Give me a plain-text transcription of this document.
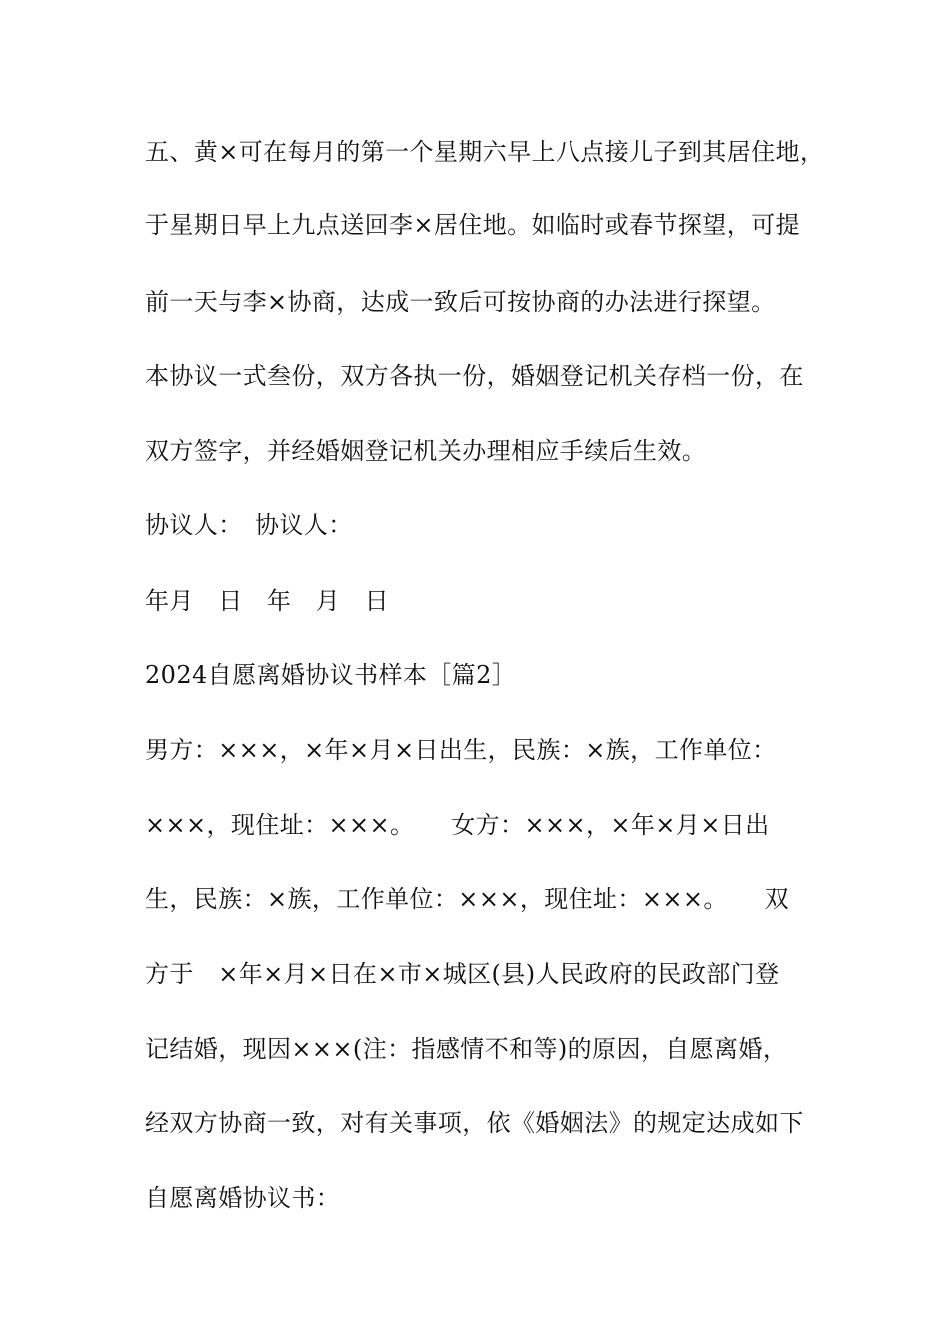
五、黄×可在每月的第一个星期六早上八点接儿子到其居住地，
于星期日早上九点送回李×居住地。如临时或春节探望，可提
前一天与李×协商，达成一致后可按协商的办法进行探望。
本协议一式叁份，双方各执一份，婚姻登记机关存档一份，在
双方签字，并经婚姻登记机关办理相应手续后生效。
协议人：　协议人：
年月　日　年　月　日
2024自愿离婚协议书样本［篇2］
男方：×××，×年×月×日出生，民族：×族，工作单位：
×××，现住址：×××。　　女方：×××，×年×月×日出
生，民族：×族，工作单位：×××，现住址：×××。　　双
方于　×年×月×日在×市×城区(县)人民政府的民政部门登
记结婚，现因×××(注：指感情不和等)的原因，自愿离婚，
经双方协商一致，对有关事项，依《婚姻法》的规定达成如下
自愿离婚协议书：
